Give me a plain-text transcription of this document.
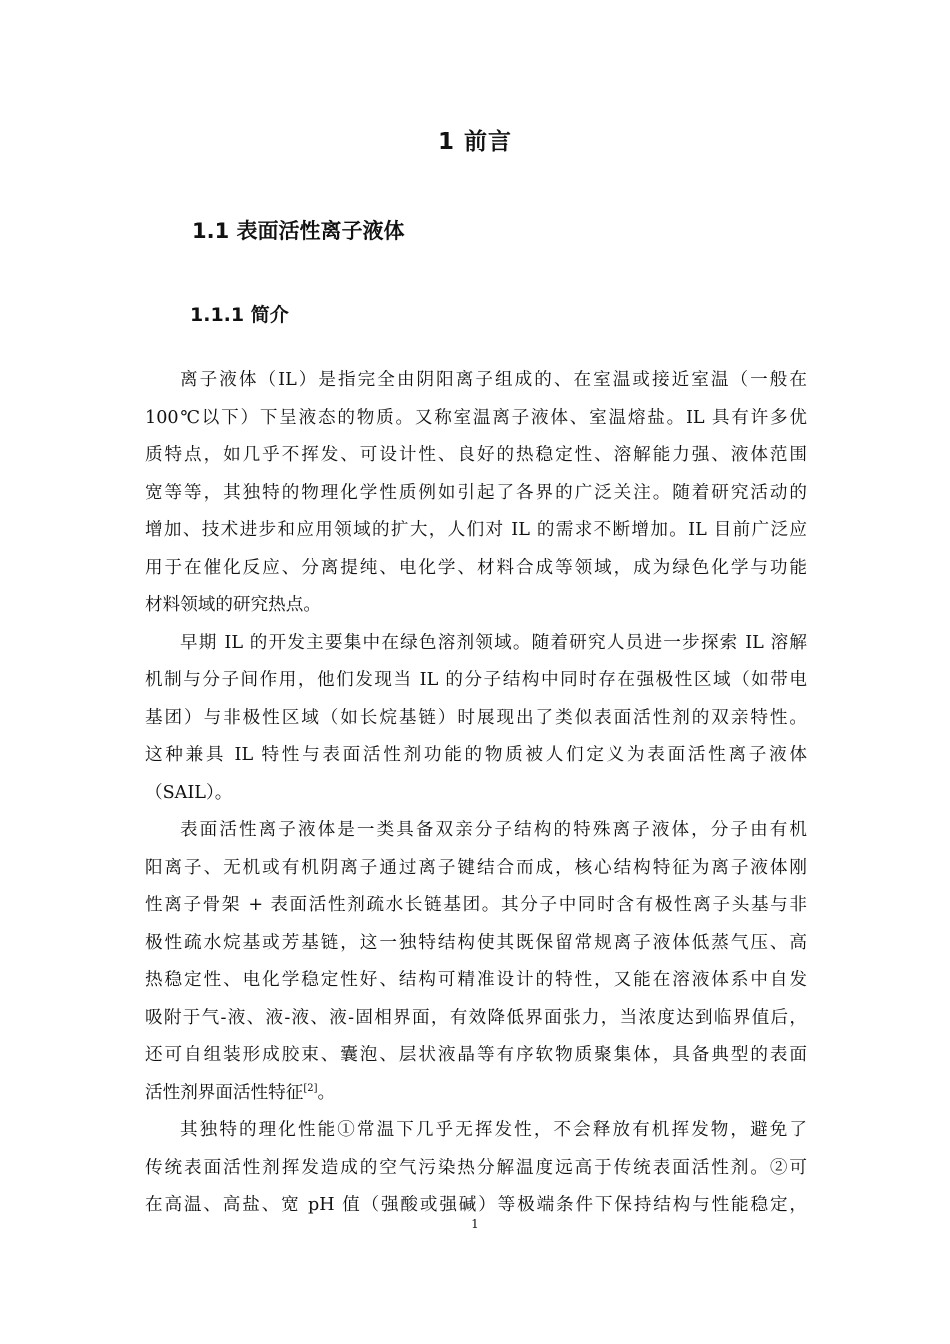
1 前言
1.1 表面活性离子液体
1.1.1 简介
离子液体（IL）是指完全由阴阳离子组成的、在室温或接近室温（一般在
100℃以下）下呈液态的物质。又称室温离子液体、室温熔盐。IL 具有许多优
质特点，如几乎不挥发、可设计性、良好的热稳定性、溶解能力强、液体范围
宽等等，其独特的物理化学性质例如引起了各界的广泛关注。随着研究活动的
增加、技术进步和应用领域的扩大，人们对 IL 的需求不断增加。IL 目前广泛应
用于在催化反应、分离提纯、电化学、材料合成等领域，成为绿色化学与功能
材料领域的研究热点。
早期 IL 的开发主要集中在绿色溶剂领域。随着研究人员进一步探索 IL 溶解
机制与分子间作用，他们发现当 IL 的分子结构中同时存在强极性区域（如带电
基团）与非极性区域（如长烷基链）时展现出了类似表面活性剂的双亲特性。
这种兼具 IL 特性与表面活性剂功能的物质被人们定义为表面活性离子液体
（SAIL）。
表面活性离子液体是一类具备双亲分子结构的特殊离子液体，分子由有机
阳离子、无机或有机阴离子通过离子键结合而成，核心结构特征为离子液体刚
性离子骨架 + 表面活性剂疏水长链基团。其分子中同时含有极性离子头基与非
极性疏水烷基或芳基链，这一独特结构使其既保留常规离子液体低蒸气压、高
热稳定性、电化学稳定性好、结构可精准设计的特性，又能在溶液体系中自发
吸附于气-液、液-液、液-固相界面，有效降低界面张力，当浓度达到临界值后，
还可自组装形成胶束、囊泡、层状液晶等有序软物质聚集体，具备典型的表面
活性剂界面活性特征[2]。
其独特的理化性能①常温下几乎无挥发性，不会释放有机挥发物，避免了
传统表面活性剂挥发造成的空气污染热分解温度远高于传统表面活性剂。②可
在高温、高盐、宽 pH 值（强酸或强碱）等极端条件下保持结构与性能稳定，
1
